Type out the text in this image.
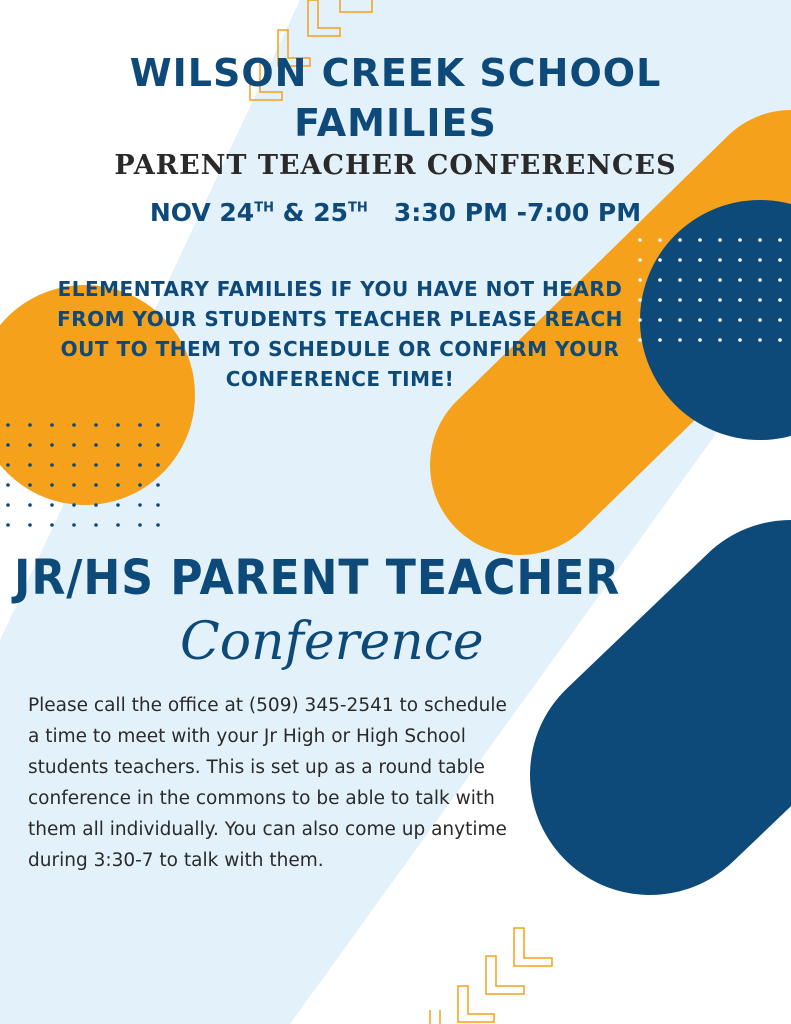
WILSON CREEK SCHOOL FAMILIES
PARENT TEACHER CONFERENCES
NOV 24TH & 25TH 3:30 PM -7:00 PM

ELEMENTARY FAMILIES IF YOU HAVE NOT HEARD FROM YOUR STUDENTS TEACHER PLEASE REACH OUT TO THEM TO SCHEDULE OR CONFIRM YOUR CONFERENCE TIME!

JR/HS PARENT TEACHER
Conference

Please call the office at (509) 345-2541 to schedule a time to meet with your Jr High or High School students teachers. This is set up as a round table conference in the commons to be able to talk with them all individually. You can also come up anytime during 3:30-7 to talk with them.
